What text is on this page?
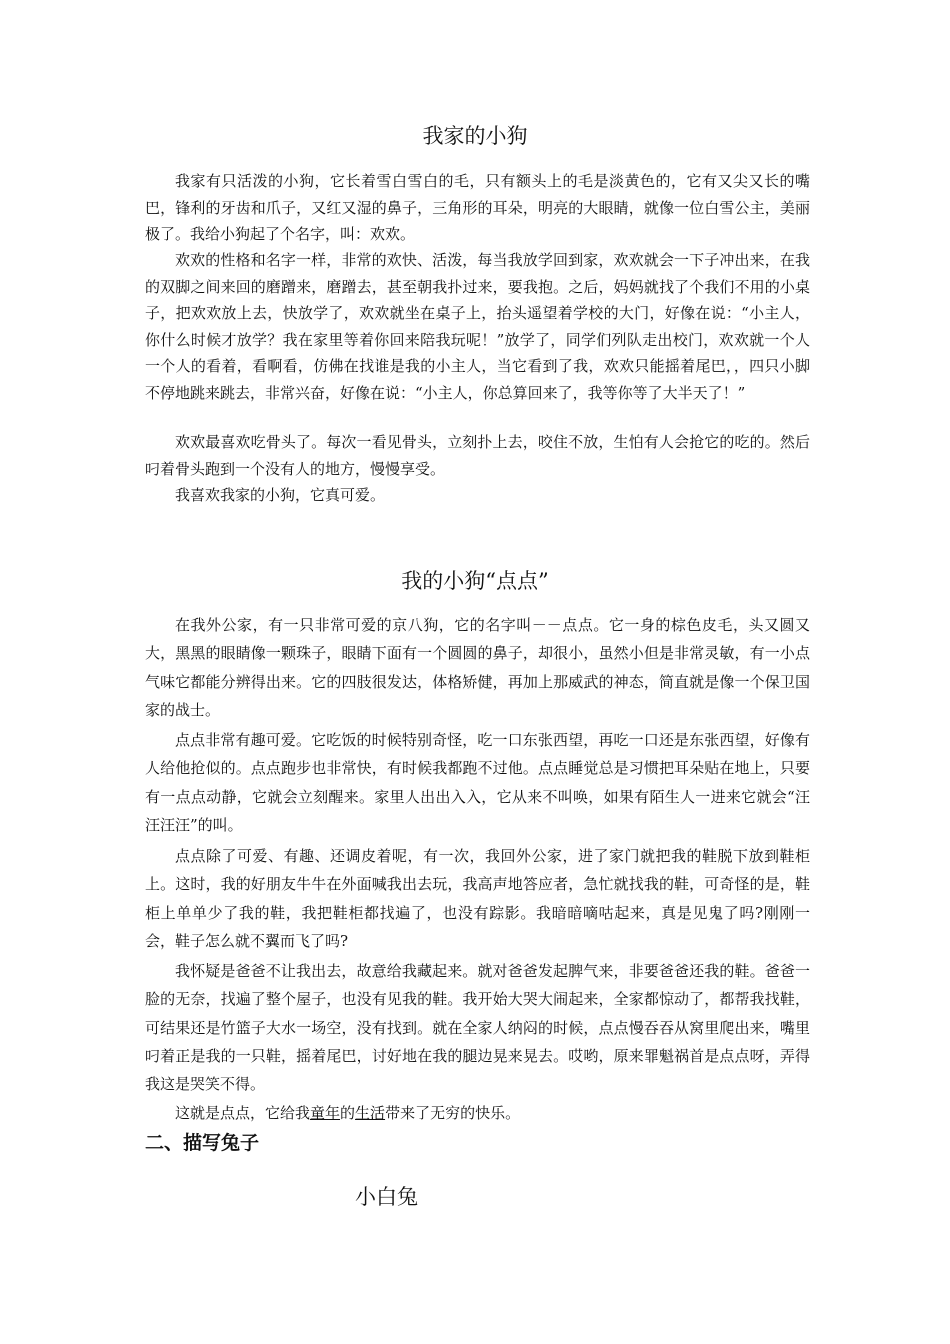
我家的小狗

我家有只活泼的小狗，它长着雪白雪白的毛，只有额头上的毛是淡黄色的，它有又尖又长的嘴巴，锋利的牙齿和爪子，又红又湿的鼻子，三角形的耳朵，明亮的大眼睛，就像一位白雪公主，美丽极了。我给小狗起了个名字，叫：欢欢。

欢欢的性格和名字一样，非常的欢快、活泼，每当我放学回到家，欢欢就会一下子冲出来，在我的双脚之间来回的磨蹭来，磨蹭去，甚至朝我扑过来，要我抱。之后，妈妈就找了个我们不用的小桌子，把欢欢放上去，快放学了，欢欢就坐在桌子上，抬头遥望着学校的大门，好像在说：“小主人，你什么时候才放学？我在家里等着你回来陪我玩呢！”放学了，同学们列队走出校门，欢欢就一个人一个人的看着，看啊看，仿佛在找谁是我的小主人，当它看到了我，欢欢只能摇着尾巴，，四只小脚不停地跳来跳去，非常兴奋，好像在说：“小主人，你总算回来了，我等你等了大半天了！”

欢欢最喜欢吃骨头了。每次一看见骨头，立刻扑上去，咬住不放，生怕有人会抢它的吃的。然后叼着骨头跑到一个没有人的地方，慢慢享受。

我喜欢我家的小狗，它真可爱。

我的小狗“点点”

在我外公家，有一只非常可爱的京八狗，它的名字叫－－点点。它一身的棕色皮毛，头又圆又大，黑黑的眼睛像一颗珠子，眼睛下面有一个圆圆的鼻子，却很小，虽然小但是非常灵敏，有一小点气味它都能分辨得出来。它的四肢很发达，体格矫健，再加上那威武的神态，简直就是像一个保卫国家的战士。

点点非常有趣可爱。它吃饭的时候特别奇怪，吃一口东张西望，再吃一口还是东张西望，好像有人给他抢似的。点点跑步也非常快，有时候我都跑不过他。点点睡觉总是习惯把耳朵贴在地上，只要有一点点动静，它就会立刻醒来。家里人出出入入，它从来不叫唤，如果有陌生人一进来它就会“汪汪汪汪”的叫。

点点除了可爱、有趣、还调皮着呢，有一次，我回外公家，进了家门就把我的鞋脱下放到鞋柜上。这时，我的好朋友牛牛在外面喊我出去玩，我高声地答应者，急忙就找我的鞋，可奇怪的是，鞋柜上单单少了我的鞋，我把鞋柜都找遍了，也没有踪影。我暗暗嘀咕起来，真是见鬼了吗?刚刚一会，鞋子怎么就不翼而飞了吗?

我怀疑是爸爸不让我出去，故意给我藏起来。就对爸爸发起脾气来，非要爸爸还我的鞋。爸爸一脸的无奈，找遍了整个屋子，也没有见我的鞋。我开始大哭大闹起来，全家都惊动了，都帮我找鞋，可结果还是竹篮子大水一场空，没有找到。就在全家人纳闷的时候，点点慢吞吞从窝里爬出来，嘴里叼着正是我的一只鞋，摇着尾巴，讨好地在我的腿边晃来晃去。哎哟，原来罪魁祸首是点点呀，弄得我这是哭笑不得。

这就是点点，它给我童年的生活带来了无穷的快乐。

二、描写兔子
小白兔
